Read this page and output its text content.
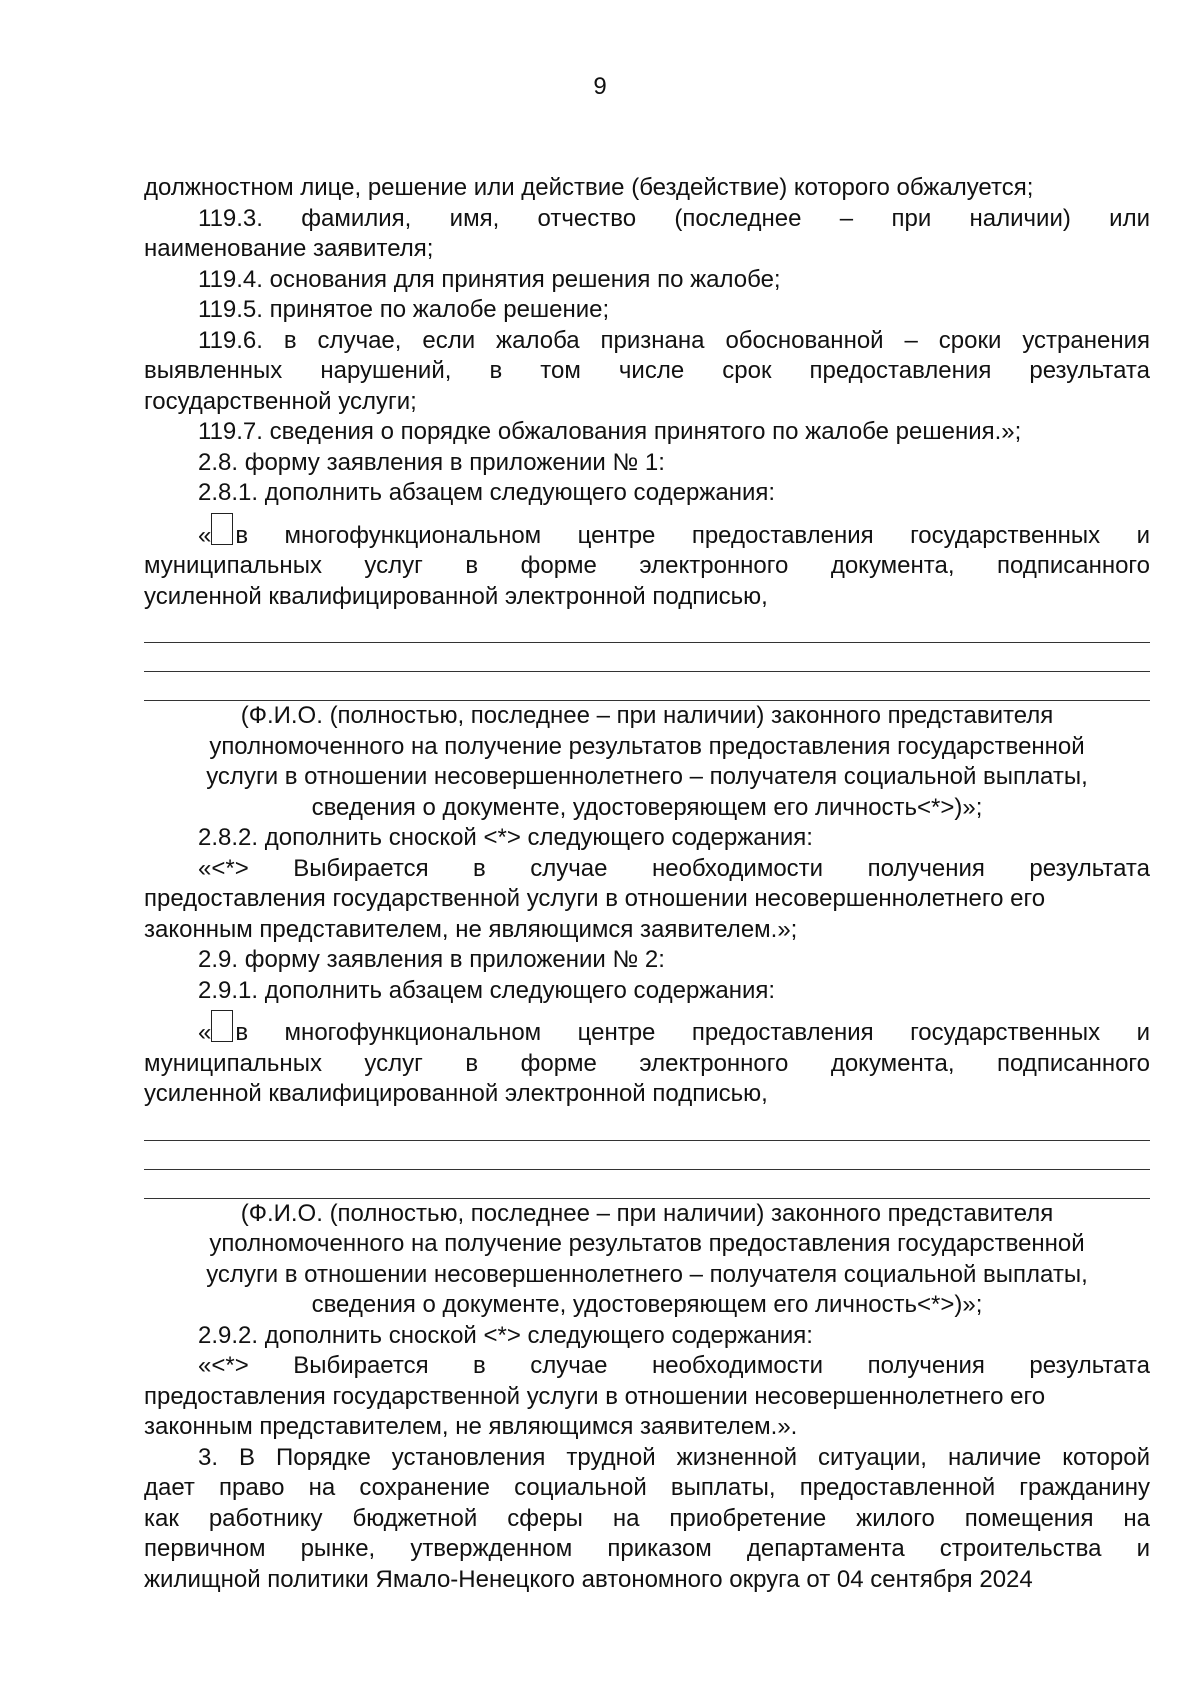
9

должностном лице, решение или действие (бездействие) которого обжалуется;

119.3. фамилия, имя, отчество (последнее – при наличии) или

наименование заявителя;

119.4. основания для принятия решения по жалобе;

119.5. принятое по жалобе решение;

119.6. в случае, если жалоба признана обоснованной – сроки устранения

выявленных нарушений, в том числе срок предоставления результата

государственной услуги;

119.7. сведения о порядке обжалования принятого по жалобе решения.»;

2.8. форму заявления в приложении № 1:

2.8.1. дополнить абзацем следующего содержания:

« в многофункциональном центре предоставления государственных и

муниципальных услуг в форме электронного документа, подписанного

усиленной квалифицированной электронной подписью,

(Ф.И.О. (полностью, последнее – при наличии) законного представителя

уполномоченного на получение результатов предоставления государственной

услуги в отношении несовершеннолетнего – получателя социальной выплаты,

сведения о документе, удостоверяющем его личность<*>)»;

2.8.2. дополнить сноской <*> следующего содержания:

«<*> Выбирается в случае необходимости получения результата

предоставления государственной услуги в отношении несовершеннолетнего его

законным представителем, не являющимся заявителем.»;

2.9. форму заявления в приложении № 2:

2.9.1. дополнить абзацем следующего содержания:

« в многофункциональном центре предоставления государственных и

муниципальных услуг в форме электронного документа, подписанного

усиленной квалифицированной электронной подписью,

(Ф.И.О. (полностью, последнее – при наличии) законного представителя

уполномоченного на получение результатов предоставления государственной

услуги в отношении несовершеннолетнего – получателя социальной выплаты,

сведения о документе, удостоверяющем его личность<*>)»;

2.9.2. дополнить сноской <*> следующего содержания:

«<*> Выбирается в случае необходимости получения результата

предоставления государственной услуги в отношении несовершеннолетнего его

законным представителем, не являющимся заявителем.».

3. В Порядке установления трудной жизненной ситуации, наличие которой

дает право на сохранение социальной выплаты, предоставленной гражданину

как работнику бюджетной сферы на приобретение жилого помещения на

первичном рынке, утвержденном приказом департамента строительства и

жилищной политики Ямало-Ненецкого автономного округа от 04 сентября 2024
